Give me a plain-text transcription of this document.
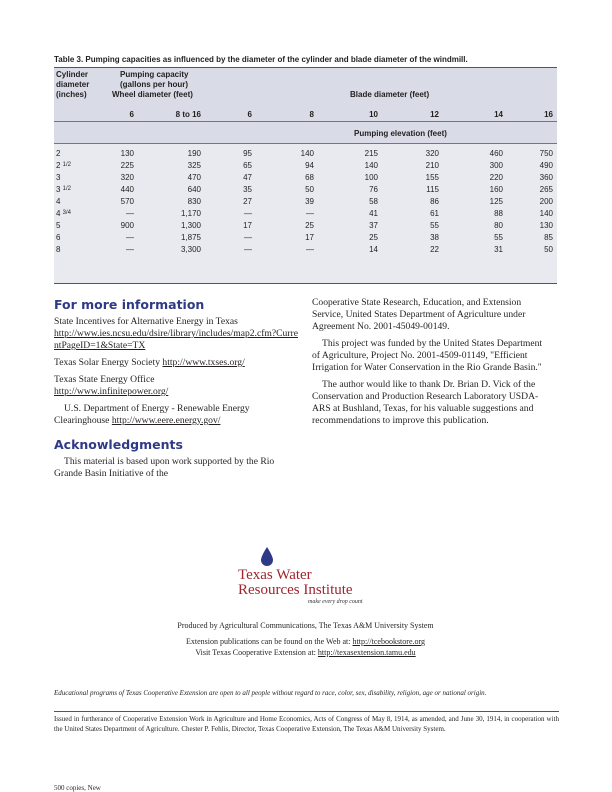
Table 3. Pumping capacities as influenced by the diameter of the cylinder and blade diameter of the windmill.
Cylinder
diameter
(inches)
Pumping capacity
(gallons per hour)
Wheel diameter (feet)	Blade diameter (feet)
6	8 to 16	6	8	10	12	14	16
Pumping elevation (feet)
2	130	190	95	140	215	320	460	750
2 $^{1/2}$	225	325	65	94	140	210	300	490
3	320	470	47	68	100	155	220	360
3 $^{1/2}$	440	640	35	50	76	115	160	265
4	570	830	27	39	58	86	125	200
4 $^{3/4}$	—	1,170	—	—	41	61	88	140
5	900	1,300	17	25	37	55	80	130
6	—	1,875	—	17	25	38	55	85
8	—	3,300	—	—	14	22	31	50
For more information

State Incentives for Alternative Energy in Texas
http://www.ies.ncsu.edu/dsire/library/includes/map2.cfm?CurrentPageID=1&State=TX

Texas Solar Energy Society http://www.txses.org/

Texas State Energy Office
http://www.infinitepower.org/

U.S. Department of Energy - Renewable Energy Clearinghouse http://www.eere.energy.gov/

Acknowledgments

This material is based upon work supported by the Rio Grande Basin Initiative of the

Cooperative State Research, Education, and Extension Service, United States Department of Agriculture under Agreement No. 2001-45049-00149.

This project was funded by the United States Department of Agriculture, Project No. 2001-4509-01149, "Efficient Irrigation for Water Conservation in the Rio Grande Basin."

The author would like to thank Dr. Brian D. Vick of the Conservation and Production Research Laboratory USDA-ARS at Bushland, Texas, for his valuable suggestions and recommendations to improve this publication.

Texas Water
Resources Institute
make every drop count

Produced by Agricultural Communications, The Texas A&M University System

Extension publications can be found on the Web at: http://tcebookstore.org
Visit Texas Cooperative Extension at: http://texasextension.tamu.edu
Educational programs of Texas Cooperative Extension are open to all people without regard to race, color, sex, disability, religion, age or national origin.
Issued in furtherance of Cooperative Extension Work in Agriculture and Home Economics, Acts of Congress of May 8, 1914, as amended, and June 30, 1914, in cooperation with the United States Department of Agriculture. Chester P. Fehlis, Director, Texas Cooperative Extension, The Texas A&M University System.
500 copies, New
